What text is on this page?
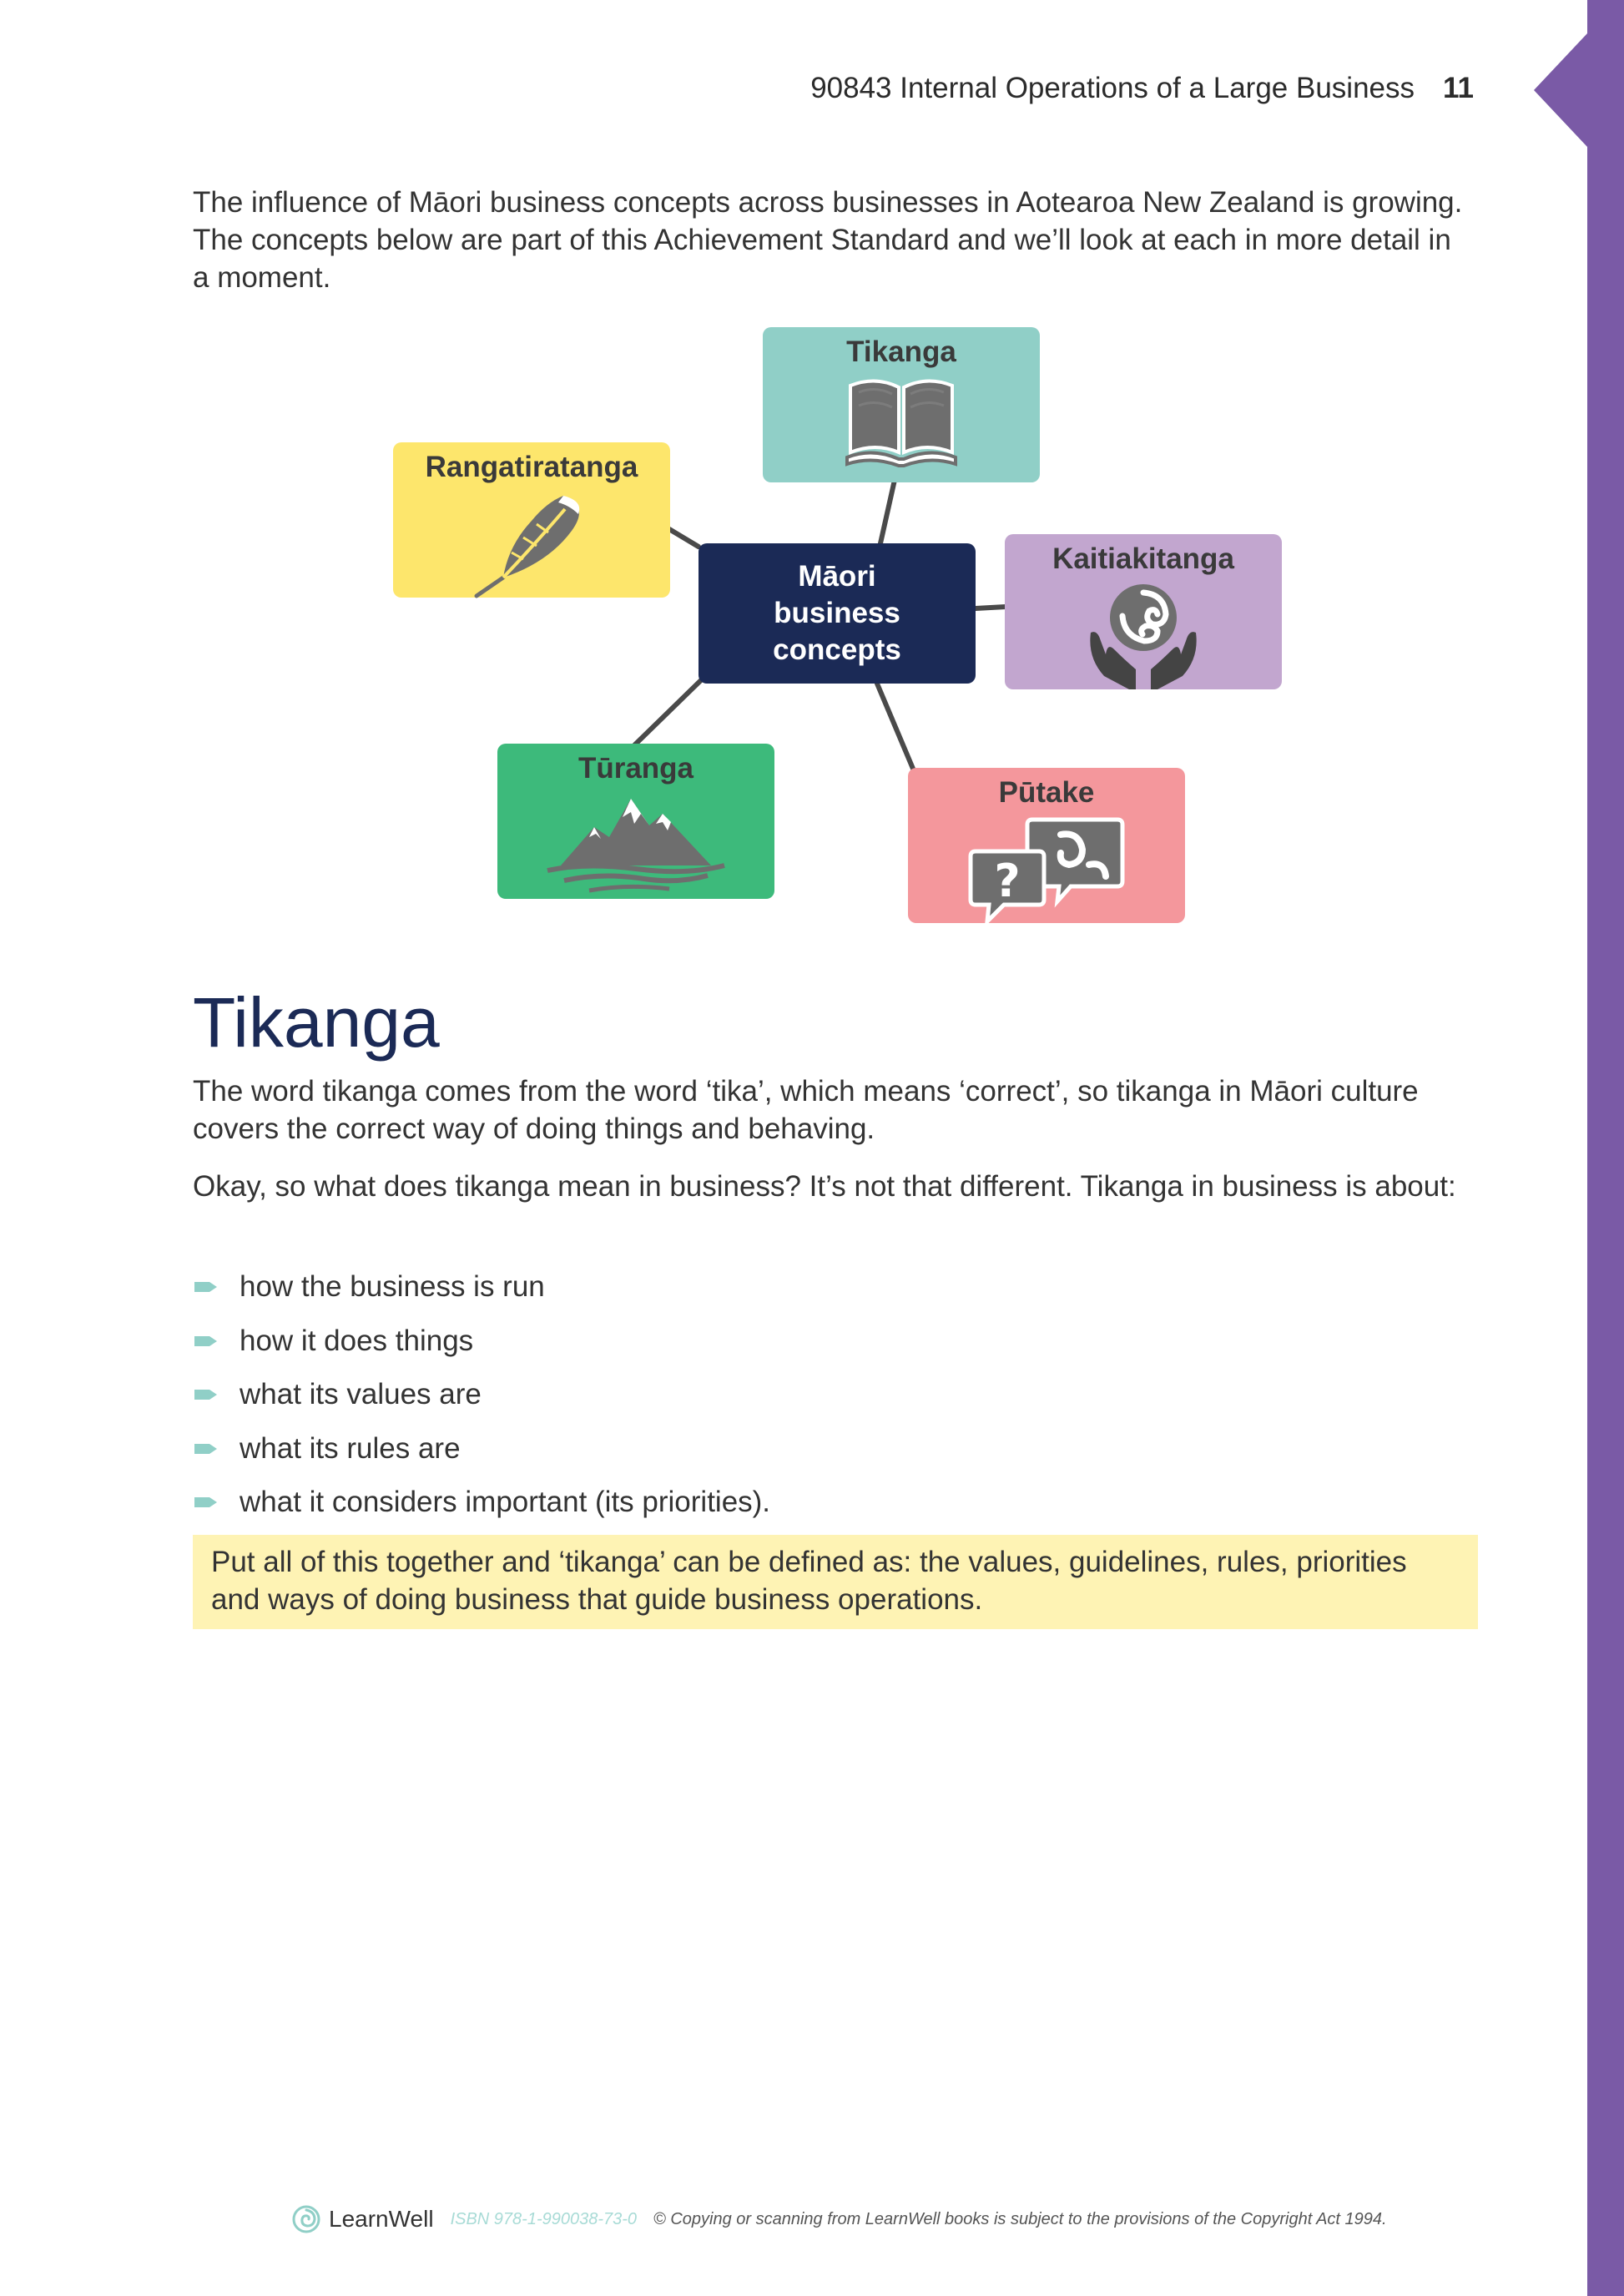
90843 Internal Operations of a Large Business 11

The influence of Māori business concepts across businesses in Aotearoa New Zealand is growing. The concepts below are part of this Achievement Standard and we’ll look at each in more detail in a moment.

Tikanga
Rangatiratanga
Kaitiakitanga
Tūranga
Pūtake
?
Māori business concepts
Tikanga

The word tikanga comes from the word ‘tika’, which means ‘correct’, so tikanga in Māori culture covers the correct way of doing things and behaving.

Okay, so what does tikanga mean in business? It’s not that different. Tikanga in business is about:

how the business is run
how it does things
what its values are
what its rules are
what it considers important (its priorities).
Put all of this together and ‘tikanga’ can be defined as: the values, guidelines, rules, priorities and ways of doing business that guide business operations.
LearnWell ISBN 978-1-990038-73-0 © Copying or scanning from LearnWell books is subject to the provisions of the Copyright Act 1994.
